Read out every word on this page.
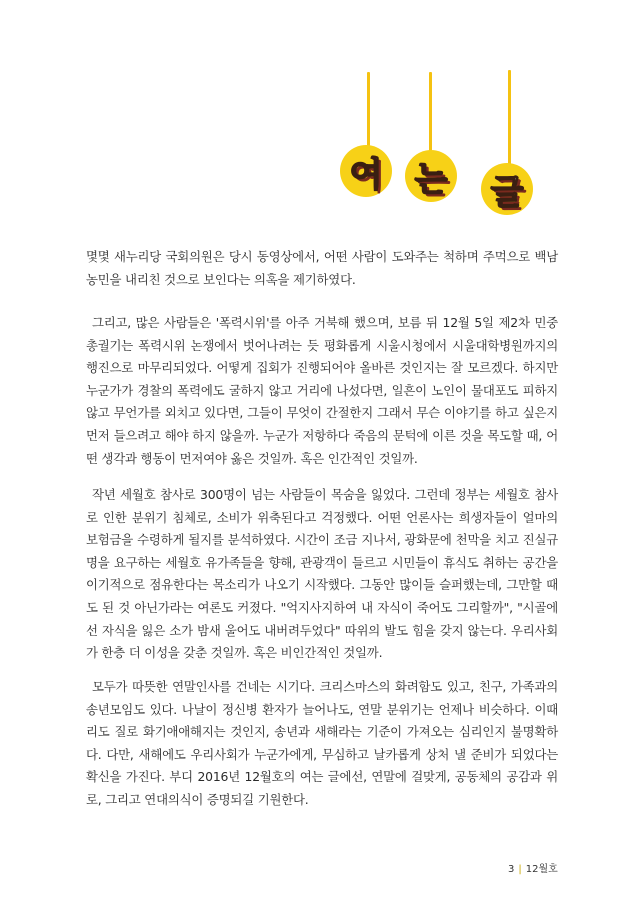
여 는 글

몇몇 새누리당 국회의원은 당시 동영상에서, 어떤 사람이 도와주는 척하며 주먹으로 백남농민을 내리친 것으로 보인다는 의혹을 제기하였다.

그리고, 많은 사람들은 '폭력시위'를 아주 거북해 했으며, 보름 뒤 12월 5일 제2차 민중총궐기는 폭력시위 논쟁에서 벗어나려는 듯 평화롭게 시울시청에서 시울대학병원까지의 행진으로 마무리되었다. 어떻게 집회가 진행되어야 올바른 것인지는 잘 모르겠다. 하지만 누군가가 경찰의 폭력에도 굴하지 않고 거리에 나섰다면, 일흔이 노인이 물대포도 피하지 않고 무언가를 외치고 있다면, 그들이 무엇이 간절한지 그래서 무슨 이야기를 하고 싶은지 먼저 들으려고 해야 하지 않을까. 누군가 저항하다 죽음의 문턱에 이른 것을 목도할 때, 어떤 생각과 행동이 먼저여야 옳은 것일까. 혹은 인간적인 것일까.

작년 세월호 참사로 300명이 넘는 사람들이 목숨을 잃었다. 그런데 정부는 세월호 참사로 인한 분위기 침체로, 소비가 위축된다고 걱정했다. 어떤 언론사는 희생자들이 얼마의 보험금을 수령하게 될지를 분석하였다. 시간이 조금 지나서, 광화문에 천막을 치고 진실규명을 요구하는 세월호 유가족들을 향해, 관광객이 들르고 시민들이 휴식도 취하는 공간을 이기적으로 점유한다는 목소리가 나오기 시작했다. 그동안 많이들 슬퍼했는데, 그만할 때도 된 것 아닌가라는 여론도 커졌다. "억지사지하여 내 자식이 죽어도 그리할까", "시골에선 자식을 잃은 소가 밤새 울어도 내버려두었다" 따위의 발도 힘을 갖지 않는다. 우리사회가 한층 더 이성을 갖춘 것일까. 혹은 비인간적인 것일까.

모두가 따뜻한 연말인사를 건네는 시기다. 크리스마스의 화려함도 있고, 친구, 가족과의 송년모임도 있다. 나날이 정신병 환자가 늘어나도, 연말 분위기는 언제나 비슷하다. 이때리도 질로 화기애애해지는 것인지, 송년과 새해라는 기준이 가져오는 심리인지 불명확하다. 다만, 새해에도 우리사회가 누군가에게, 무심하고 날카롭게 상처 낼 준비가 되었다는 확신을 가진다. 부디 2016년 12월호의 여는 글에선, 연말에 걸맞게, 공동체의 공감과 위로, 그리고 연대의식이 증명되길 기원한다.

3 | 12월호
